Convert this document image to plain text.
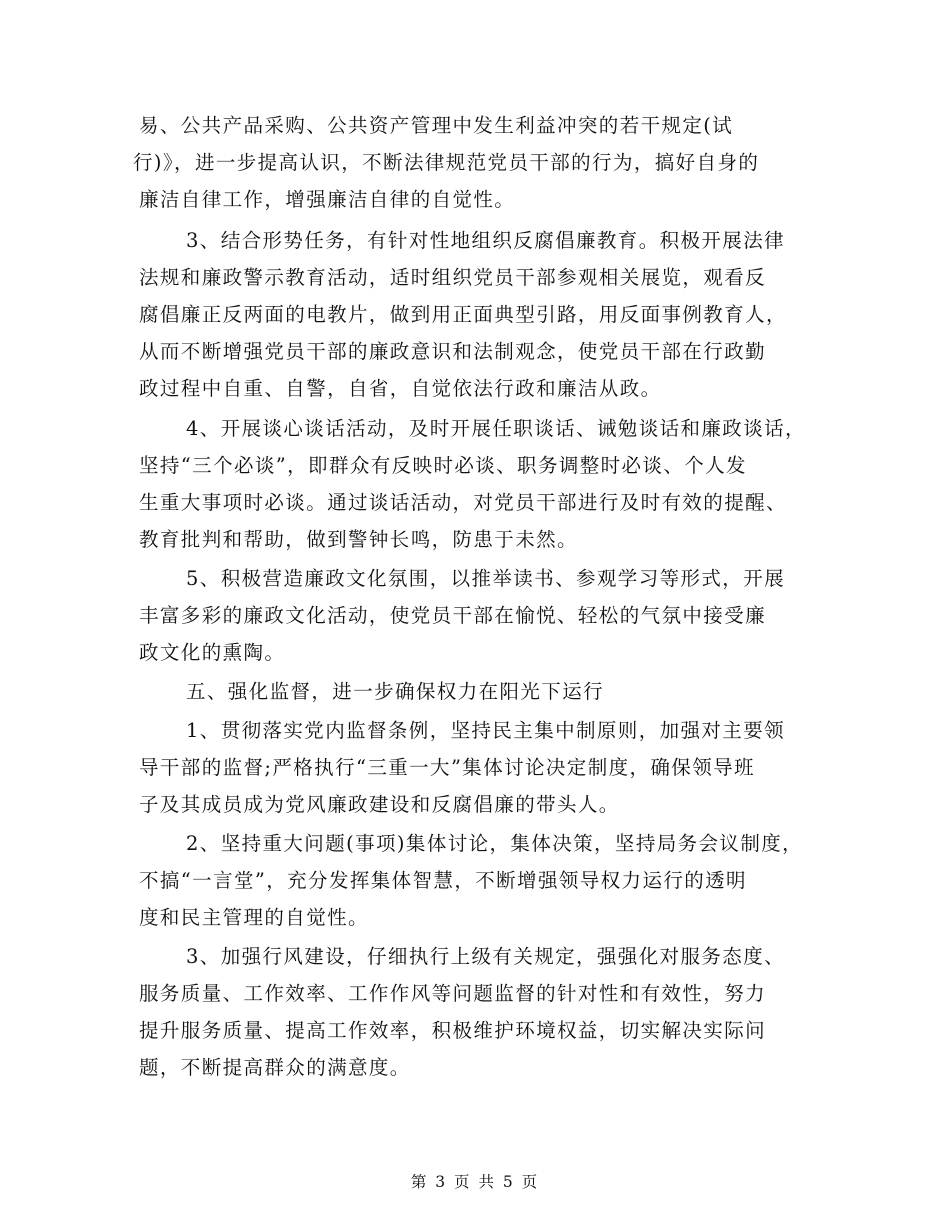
易、公共产品采购、公共资产管理中发生利益冲突的若干规定(试
行)》，进一步提高认识，不断法律规范党员干部的行为，搞好自身的
廉洁自律工作，增强廉洁自律的自觉性。
3、结合形势任务，有针对性地组织反腐倡廉教育。积极开展法律
法规和廉政警示教育活动，适时组织党员干部参观相关展览，观看反
腐倡廉正反两面的电教片，做到用正面典型引路，用反面事例教育人，
从而不断增强党员干部的廉政意识和法制观念，使党员干部在行政勤
政过程中自重、自警，自省，自觉依法行政和廉洁从政。
4、开展谈心谈话活动，及时开展任职谈话、诫勉谈话和廉政谈话，
坚持“三个必谈”，即群众有反映时必谈、职务调整时必谈、个人发
生重大事项时必谈。通过谈话活动，对党员干部进行及时有效的提醒、
教育批判和帮助，做到警钟长鸣，防患于未然。
5、积极营造廉政文化氛围，以推举读书、参观学习等形式，开展
丰富多彩的廉政文化活动，使党员干部在愉悦、轻松的气氛中接受廉
政文化的熏陶。
五、强化监督，进一步确保权力在阳光下运行
1、贯彻落实党内监督条例，坚持民主集中制原则，加强对主要领
导干部的监督;严格执行“三重一大”集体讨论决定制度，确保领导班
子及其成员成为党风廉政建设和反腐倡廉的带头人。
2、坚持重大问题(事项)集体讨论，集体决策，坚持局务会议制度，
不搞“一言堂”，充分发挥集体智慧，不断增强领导权力运行的透明
度和民主管理的自觉性。
3、加强行风建设，仔细执行上级有关规定，强强化对服务态度、
服务质量、工作效率、工作作风等问题监督的针对性和有效性，努力
提升服务质量、提高工作效率，积极维护环境权益，切实解决实际问
题，不断提高群众的满意度。
第 3 页 共 5 页
